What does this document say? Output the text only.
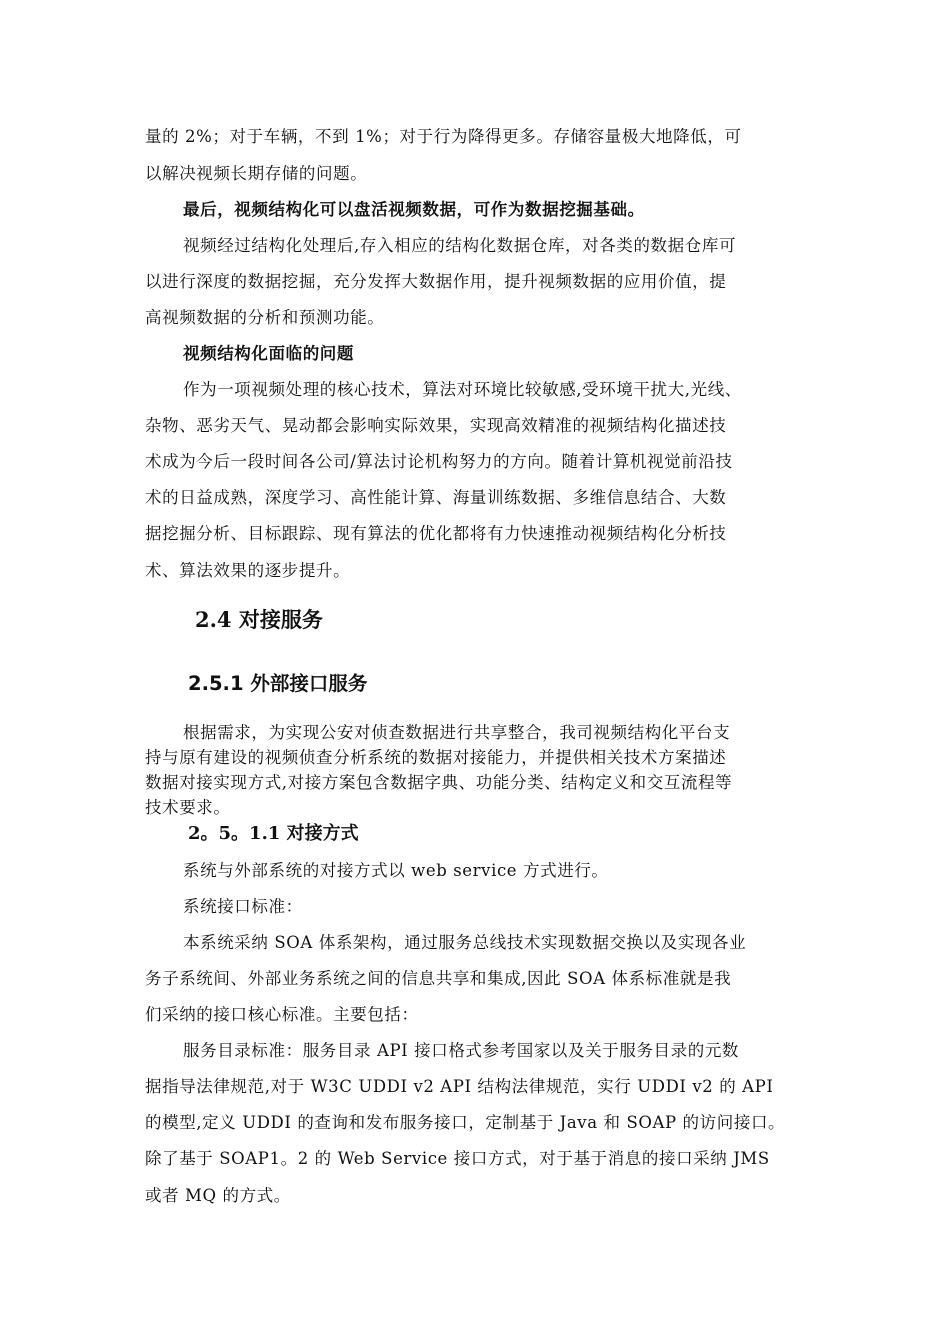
量的 2%；对于车辆，不到 1%；对于行为降得更多。存储容量极大地降低，可
以解决视频长期存储的问题。
最后，视频结构化可以盘活视频数据，可作为数据挖掘基础。
视频经过结构化处理后,存入相应的结构化数据仓库，对各类的数据仓库可
以进行深度的数据挖掘，充分发挥大数据作用，提升视频数据的应用价值，提
高视频数据的分析和预测功能。
视频结构化面临的问题
作为一项视频处理的核心技术，算法对环境比较敏感,受环境干扰大,光线、
杂物、恶劣天气、晃动都会影响实际效果，实现高效精准的视频结构化描述技
术成为今后一段时间各公司/算法讨论机构努力的方向。随着计算机视觉前沿技
术的日益成熟，深度学习、高性能计算、海量训练数据、多维信息结合、大数
据挖掘分析、目标跟踪、现有算法的优化都将有力快速推动视频结构化分析技
术、算法效果的逐步提升。
2.4 对接服务
2.5.1 外部接口服务
根据需求，为实现公安对侦查数据进行共享整合，我司视频结构化平台支
持与原有建设的视频侦查分析系统的数据对接能力，并提供相关技术方案描述
数据对接实现方式,对接方案包含数据字典、功能分类、结构定义和交互流程等
技术要求。
2。5。1.1 对接方式
系统与外部系统的对接方式以 web service 方式进行。
系统接口标准：
本系统采纳 SOA 体系架构，通过服务总线技术实现数据交换以及实现各业
务子系统间、外部业务系统之间的信息共享和集成,因此 SOA 体系标准就是我
们采纳的接口核心标准。主要包括：
服务目录标准：服务目录 API 接口格式参考国家以及关于服务目录的元数
据指导法律规范,对于 W3C UDDI v2 API 结构法律规范，实行 UDDI v2 的 API
的模型,定义 UDDI 的查询和发布服务接口，定制基于 Java 和 SOAP 的访问接口。
除了基于 SOAP1。2 的 Web Service 接口方式，对于基于消息的接口采纳 JMS
或者 MQ 的方式。
